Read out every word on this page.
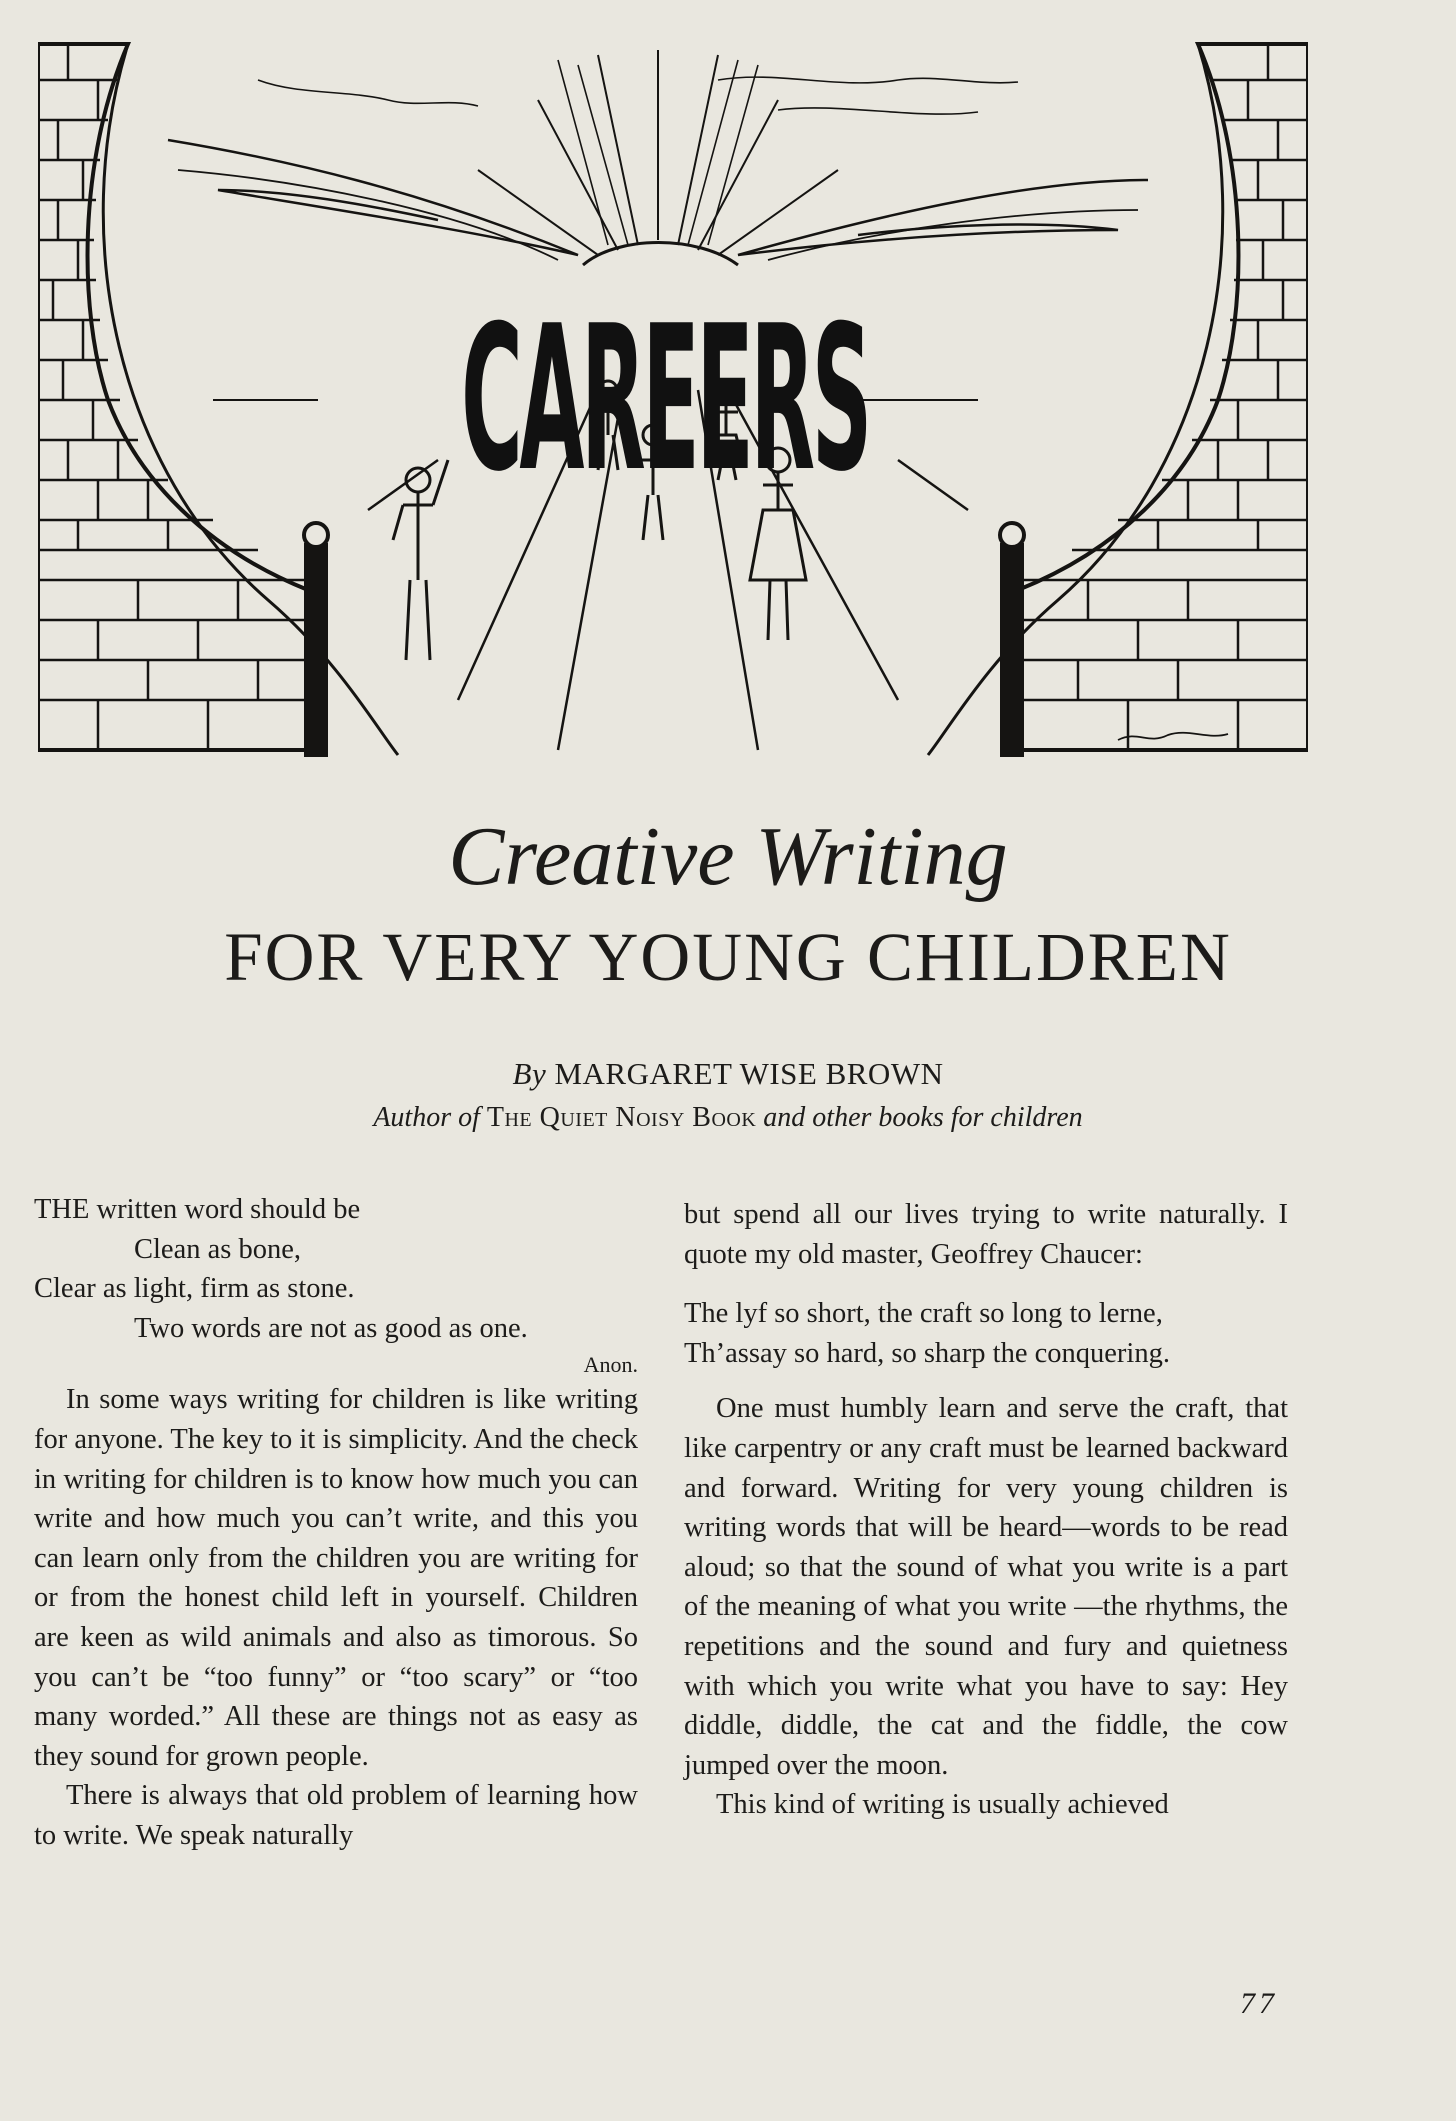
CAREERS
Creative Writing
FOR VERY YOUNG CHILDREN
By MARGARET WISE BROWN
Author of The Quiet Noisy Book and other books for children
THE written word should be
Clean as bone,
Clear as light, firm as stone.
Two words are not as good as one.
Anon.

In some ways writing for children is like writing for anyone. The key to it is simplicity. And the check in writing for children is to know how much you can write and how much you can’t write, and this you can learn only from the children you are writing for or from the honest child left in yourself. Children are keen as wild animals and also as timorous. So you can’t be “too funny” or “too scary” or “too many worded.” All these are things not as easy as they sound for grown people.

There is always that old problem of learning how to write. We speak naturally

but spend all our lives trying to write naturally. I quote my old master, Geoffrey Chaucer:

The lyf so short, the craft so long to lerne,
Th’assay so hard, so sharp the conquering.

One must humbly learn and serve the craft, that like carpentry or any craft must be learned backward and forward. Writing for very young children is writing words that will be heard—words to be read aloud; so that the sound of what you write is a part of the meaning of what you write —the rhythms, the repetitions and the sound and fury and quietness with which you write what you have to say: Hey diddle, diddle, the cat and the fiddle, the cow jumped over the moon.

This kind of writing is usually achieved

77
